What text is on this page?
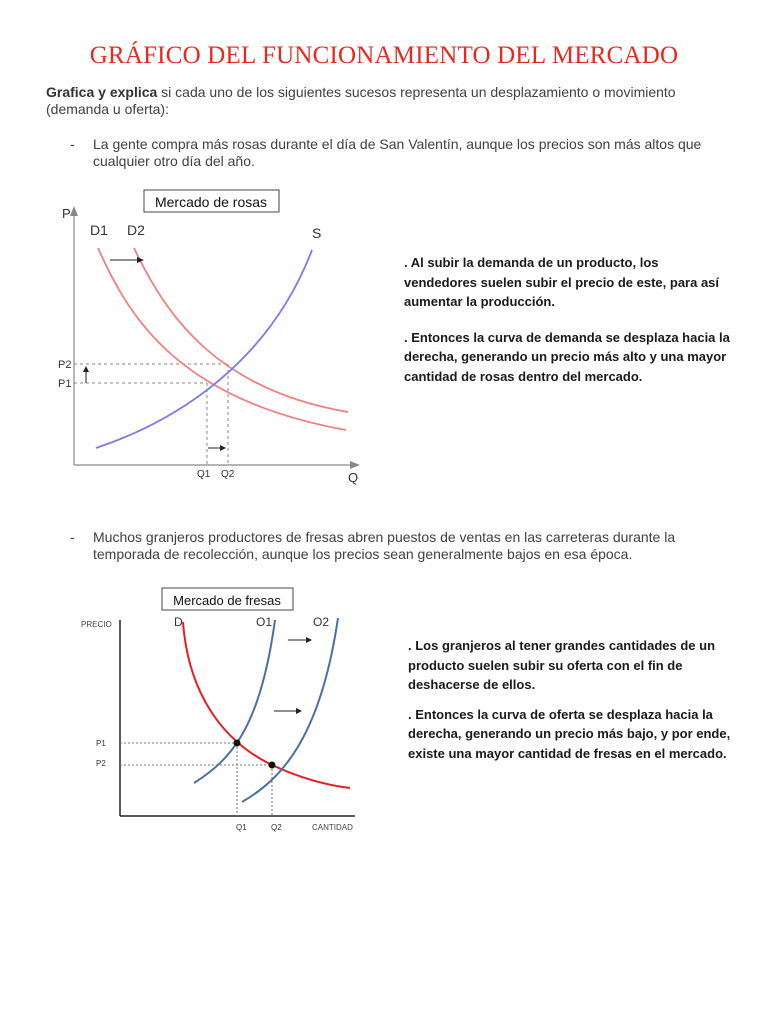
GRÁFICO DEL FUNCIONAMIENTO DEL MERCADO
Grafica y explica si cada uno de los siguientes sucesos representa un desplazamiento o movimiento (demanda u oferta):
- La gente compra más rosas durante el día de San Valentín, aunque los precios son más altos que cualquier otro día del año.
Mercado de rosas
P
Q
D1 D2	S
P2
P1
Q1 Q2

. Al subir la demanda de un producto, los vendedores suelen subir el precio de este, para así aumentar la producción.

. Entonces la curva de demanda se desplaza hacia la derecha, generando un precio más alto y una mayor cantidad de rosas dentro del mercado.

- Muchos granjeros productores de fresas abren puestos de ventas en las carreteras durante la temporada de recolección, aunque los precios sean generalmente bajos en esa época.
Mercado de fresas
PRECIO
CANTIDAD
D	O1	O2
P1
P2
Q1	Q2

. Los granjeros al tener grandes cantidades de un producto suelen subir su oferta con el fin de deshacerse de ellos.

. Entonces la curva de oferta se desplaza hacia la derecha, generando un precio más bajo, y por ende, existe una mayor cantidad de fresas en el mercado.
